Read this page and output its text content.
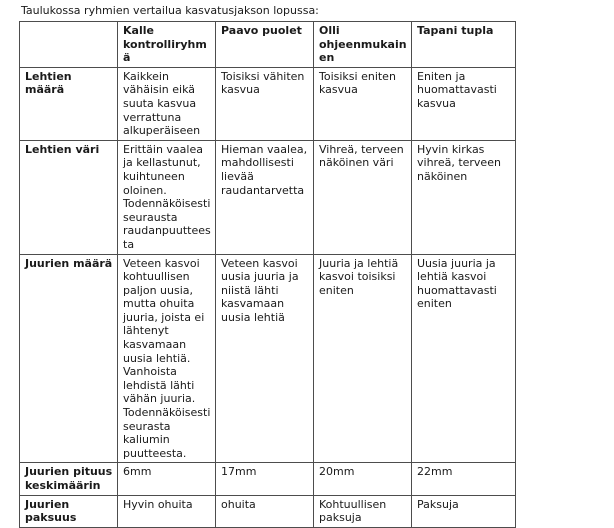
Taulukossa ryhmien vertailua kasvatusjakson lopussa:
	Kalle kontrolliryhmä	Paavo puolet	Olli ohjeenmukainen	Tapani tupla
Lehtien määrä	Kaikkein vähäisin eikä suuta kasvua verrattuna alkuperäiseen	Toisiksi vähiten kasvua	Toisiksi eniten kasvua	Eniten ja huomattavasti kasvua
Lehtien väri	Erittäin vaalea ja kellastunut, kuihtuneen oloinen. Todennäköisesti seurausta raudanpuutteesta	Hieman vaalea, mahdollisesti lievää raudantarvetta	Vihreä, terveen näköinen väri	Hyvin kirkas vihreä, terveen näköinen
Juurien määrä	Veteen kasvoi kohtuullisen paljon uusia, mutta ohuita juuria, joista ei lähtenyt kasvamaan uusia lehtiä. Vanhoista lehdistä lähti vähän juuria. Todennäköisesti seurasta kaliumin puutteesta.	Veteen kasvoi uusia juuria ja niistä lähti kasvamaan uusia lehtiä	Juuria ja lehtiä kasvoi toisiksi eniten	Uusia juuria ja lehtiä kasvoi huomattavasti eniten
Juurien pituus keskimäärin	6mm	17mm	20mm	22mm
Juurien paksuus	Hyvin ohuita	ohuita	Kohtuullisen paksuja	Paksuja
